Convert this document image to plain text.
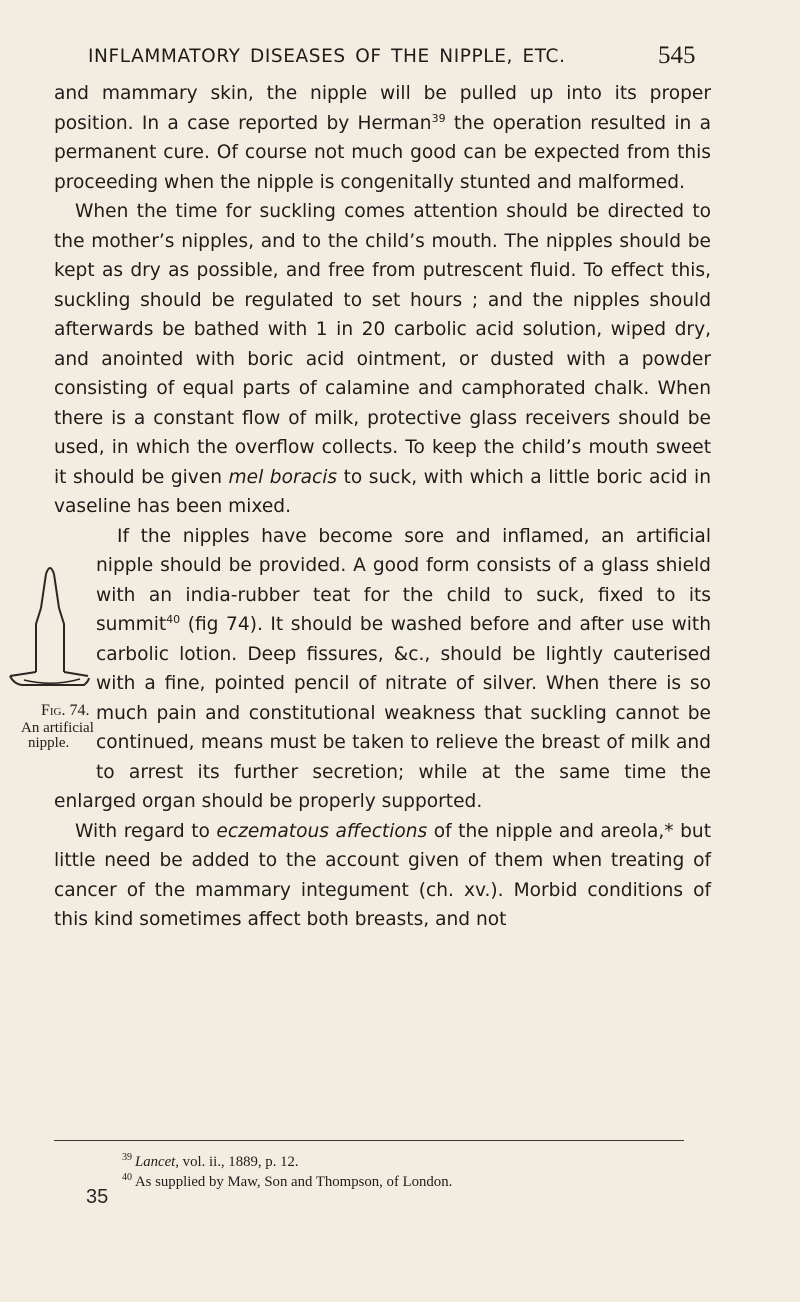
INFLAMMATORY DISEASES OF THE NIPPLE, ETC.	545

and mammary skin, the nipple will be pulled up into its proper position. In a case reported by Herman$^{39}$ the operation resulted in a permanent cure. Of course not much good can be expected from this proceeding when the nipple is congenitally stunted and malformed.

When the time for suckling comes attention should be directed to the mother’s nipples, and to the child’s mouth. The nipples should be kept as dry as possible, and free from putrescent fluid. To effect this, suckling should be regulated to set hours ; and the nipples should afterwards be bathed with 1 in 20 carbolic acid solution, wiped dry, and anointed with boric acid ointment, or dusted with a powder consisting of equal parts of calamine and camphorated chalk. When there is a constant flow of milk, protective glass receivers should be used, in which the overflow collects. To keep the child’s mouth sweet it should be given mel boracis to suck, with which a little boric acid in vaseline has been mixed.

Fig. 74.
An artificial
nipple.
If the nipples have become sore and inflamed, an artificial nipple should be provided. A good form consists of a glass shield with an india-rubber teat for the child to suck, fixed to its summit$^{40}$ (fig 74). It should be washed before and after use with carbolic lotion. Deep fissures, &c., should be lightly cauterised with a fine, pointed pencil of nitrate of silver. When there is so much pain and constitutional weakness that suckling cannot be continued, means must be taken to relieve the breast of milk and to arrest its further secretion; while at the same time the enlarged organ should be properly supported.

With regard to eczematous affections of the nipple and areola,* but little need be added to the account given of them when treating of cancer of the mammary integument (ch. xv.). Morbid conditions of this kind sometimes affect both breasts, and not

$^{39}$ Lancet, vol. ii., 1889, p. 12.
$^{40}$ As supplied by Maw, Son and Thompson, of London.
35
